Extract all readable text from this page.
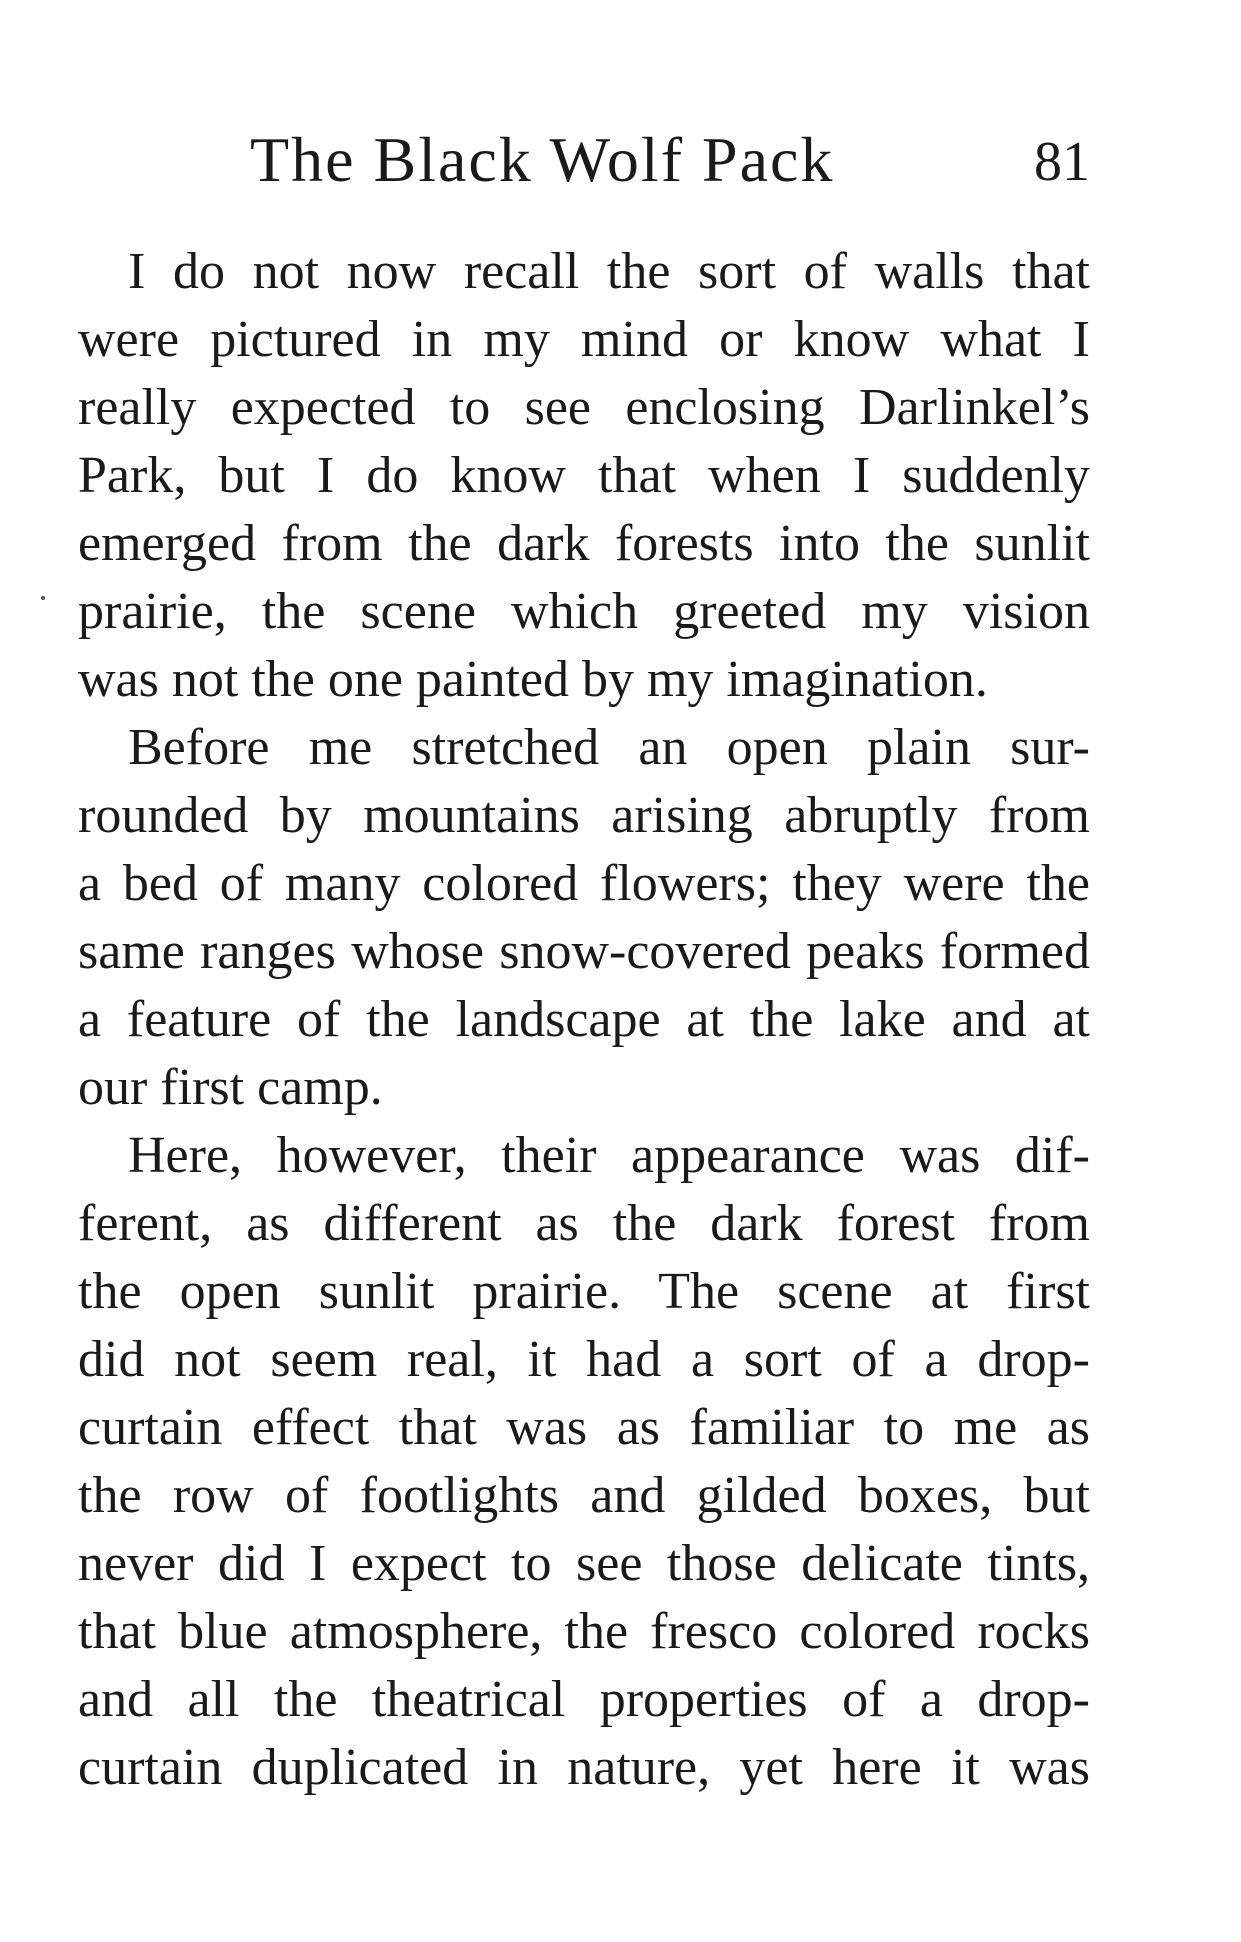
The Black Wolf Pack	81
I do not now recall the sort of walls that
were pictured in my mind or know what I
really expected to see enclosing Darlinkel’s
Park, but I do know that when I suddenly
emerged from the dark forests into the sunlit
prairie, the scene which greeted my vision
was not the one painted by my imagination.
Before me stretched an open plain sur-
rounded by mountains arising abruptly from
a bed of many colored flowers; they were the
same ranges whose snow-covered peaks formed
a feature of the landscape at the lake and at
our first camp.
Here, however, their appearance was dif-
ferent, as different as the dark forest from
the open sunlit prairie. The scene at first
did not seem real, it had a sort of a drop-
curtain effect that was as familiar to me as
the row of footlights and gilded boxes, but
never did I expect to see those delicate tints,
that blue atmosphere, the fresco colored rocks
and all the theatrical properties of a drop-
curtain duplicated in nature, yet here it was
